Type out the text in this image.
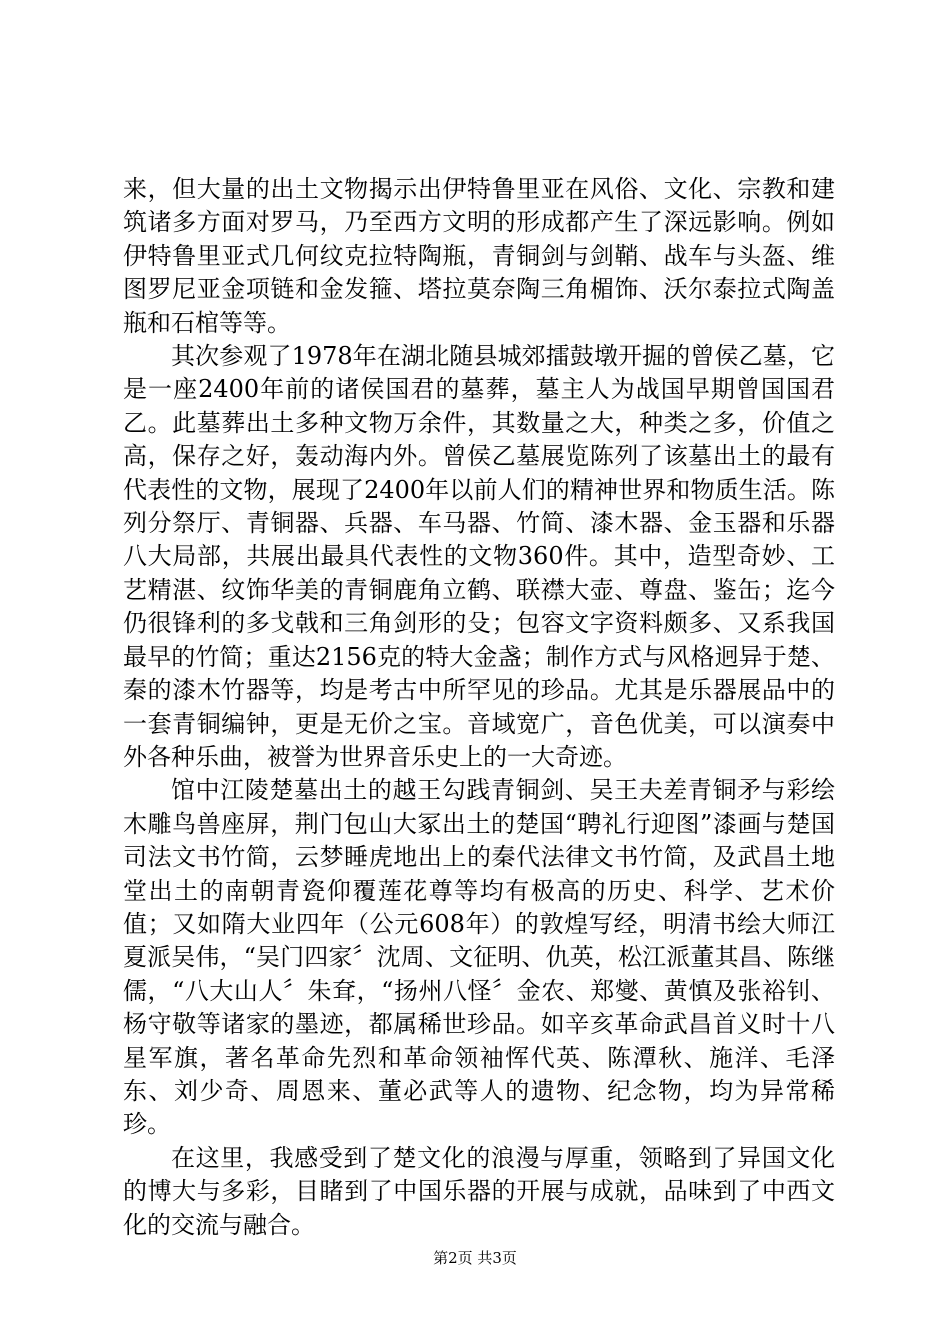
来，但大量的出土文物揭示出伊特鲁里亚在风俗、文化、宗教和建筑诸多方面对罗马，乃至西方文明的形成都产生了深远影响。例如伊特鲁里亚式几何纹克拉特陶瓶，青铜剑与剑鞘、战车与头盔、维图罗尼亚金项链和金发箍、塔拉莫奈陶三角楣饰、沃尔泰拉式陶盖瓶和石棺等等。

其次参观了1978年在湖北随县城郊擂鼓墩开掘的曾侯乙墓，它是一座2400年前的诸侯国君的墓葬，墓主人为战国早期曾国国君乙。此墓葬出土多种文物万余件，其数量之大，种类之多，价值之高，保存之好，轰动海内外。曾侯乙墓展览陈列了该墓出土的最有代表性的文物，展现了2400年以前人们的精神世界和物质生活。陈列分祭厅、青铜器、兵器、车马器、竹简、漆木器、金玉器和乐器八大局部，共展出最具代表性的文物360件。其中，造型奇妙、工艺精湛、纹饰华美的青铜鹿角立鹤、联襟大壶、尊盘、鉴缶；迄今仍很锋利的多戈戟和三角剑形的殳；包容文字资料颇多、又系我国最早的竹简；重达2156克的特大金盏；制作方式与风格迥异于楚、秦的漆木竹器等，均是考古中所罕见的珍品。尤其是乐器展品中的一套青铜编钟，更是无价之宝。音域宽广，音色优美，可以演奏中外各种乐曲，被誉为世界音乐史上的一大奇迹。

馆中江陵楚墓出土的越王勾践青铜剑、吴王夫差青铜矛与彩绘木雕鸟兽座屏，荆门包山大冢出土的楚国“聘礼行迎图”漆画与楚国司法文书竹简，云梦睡虎地出上的秦代法律文书竹简，及武昌土地堂出土的南朝青瓷仰覆莲花尊等均有极高的历史、科学、艺术价值；又如隋大业四年（公元608年）的敦煌写经，明清书绘大师江夏派吴伟，“吴门四家〞沈周、文征明、仇英，松江派董其昌、陈继儒，“八大山人〞朱耷，“扬州八怪〞金农、郑燮、黄慎及张裕钊、杨守敬等诸家的墨迹，都属稀世珍品。如辛亥革命武昌首义时十八星军旗，著名革命先烈和革命领袖恽代英、陈潭秋、施洋、毛泽东、刘少奇、周恩来、董必武等人的遗物、纪念物，均为异常稀珍。

在这里，我感受到了楚文化的浪漫与厚重，领略到了异国文化的博大与多彩，目睹到了中国乐器的开展与成就，品味到了中西文化的交流与融合。

第2页 共3页
